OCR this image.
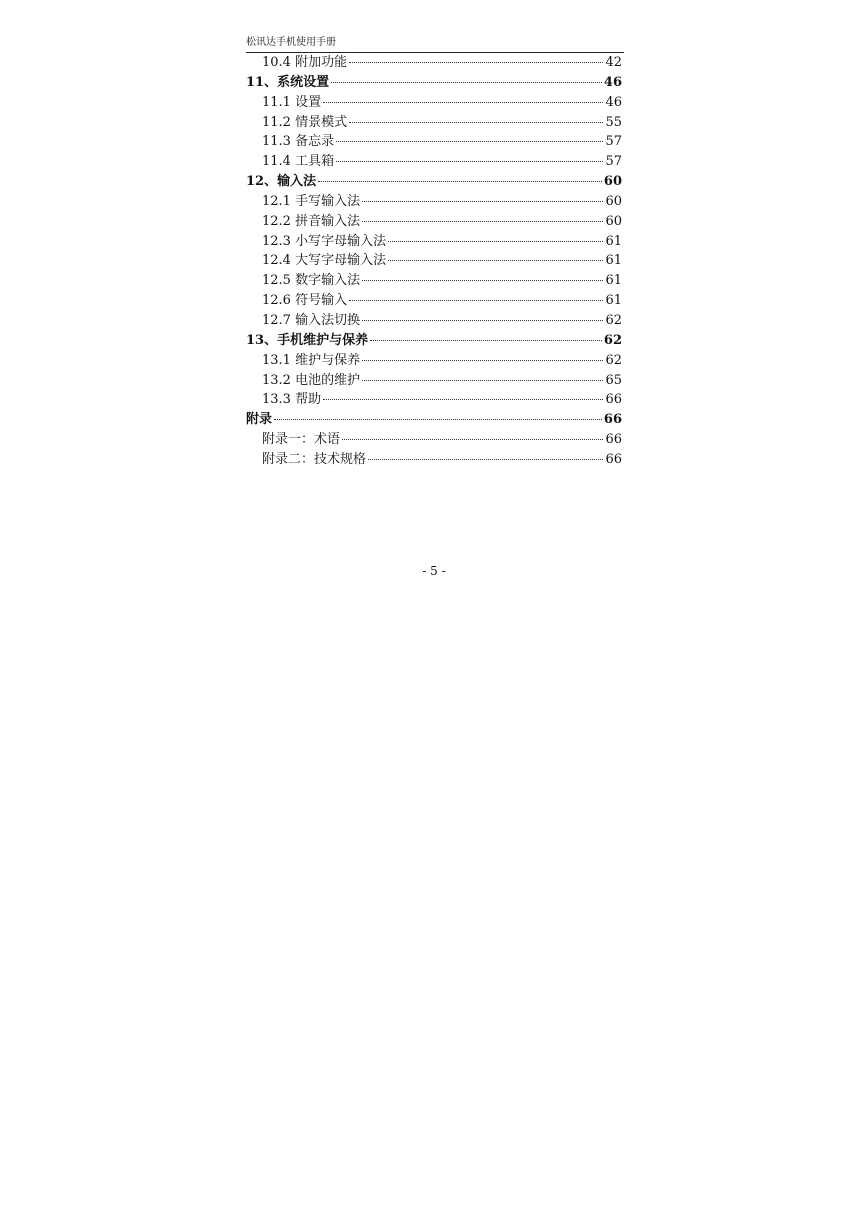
松讯达手机使用手册
10.4 附加功能	42
11、系统设置	46
11.1 设置	46
11.2 情景模式	55
11.3 备忘录	57
11.4 工具箱	57
12、输入法	60
12.1 手写输入法	60
12.2 拼音输入法	60
12.3 小写字母输入法	61
12.4 大写字母输入法	61
12.5 数字输入法	61
12.6 符号输入	61
12.7 输入法切换	62
13、手机维护与保养	62
13.1 维护与保养	62
13.2 电池的维护	65
13.3 帮助	66
附录	66
附录一：术语	66
附录二：技术规格	66
- 5 -
